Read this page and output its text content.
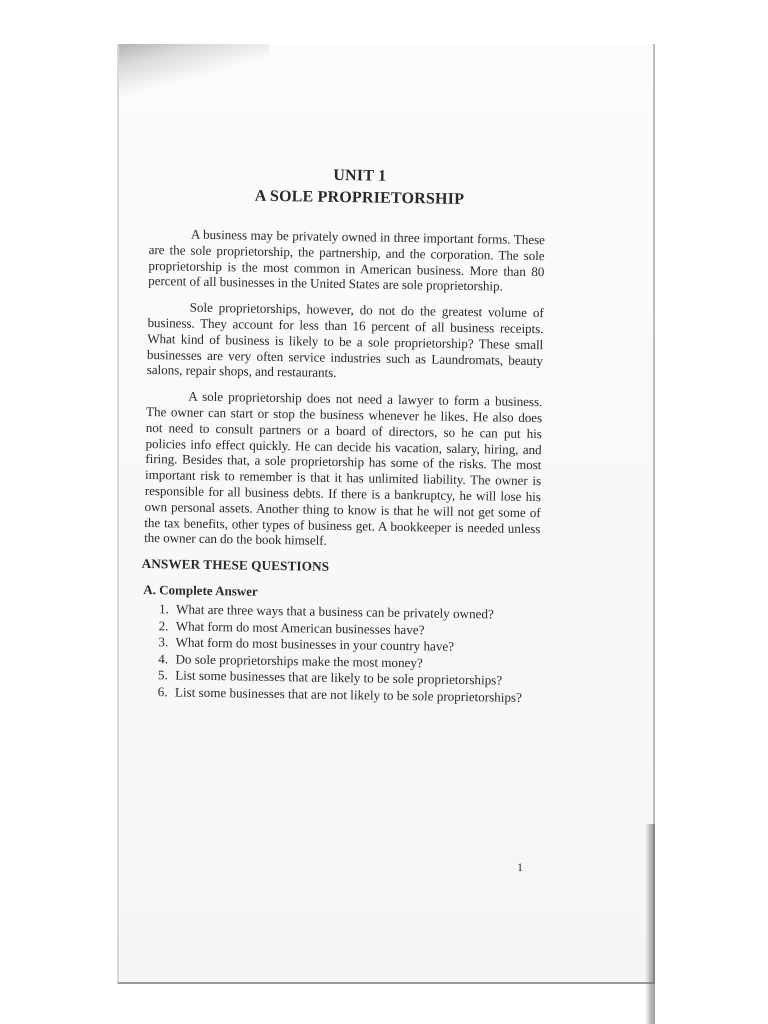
UNIT 1
A SOLE PROPRIETORSHIP

A business may be privately owned in three important forms. These are the sole proprietorship, the partnership, and the corporation. The sole proprietorship is the most common in American business. More than 80 percent of all businesses in the United States are sole proprietorship.

Sole proprietorships, however, do not do the greatest volume of business. They account for less than 16 percent of all business receipts. What kind of business is likely to be a sole proprietorship? These small businesses are very often service industries such as Laundromats, beauty salons, repair shops, and restaurants.

A sole proprietorship does not need a lawyer to form a business. The owner can start or stop the business whenever he likes. He also does not need to consult partners or a board of directors, so he can put his policies info effect quickly. He can decide his vacation, salary, hiring, and firing. Besides that, a sole proprietorship has some of the risks. The most important risk to remember is that it has unlimited liability. The owner is responsible for all business debts. If there is a bankruptcy, he will lose his own personal assets. Another thing to know is that he will not get some of the tax benefits, other types of business get. A bookkeeper is needed unless the owner can do the book himself.

ANSWER THESE QUESTIONS
A. Complete Answer
1. What are three ways that a business can be privately owned?
2. What form do most American businesses have?
3. What form do most businesses in your country have?
4. Do sole proprietorships make the most money?
5. List some businesses that are likely to be sole proprietorships?
6. List some businesses that are not likely to be sole proprietorships?
1
